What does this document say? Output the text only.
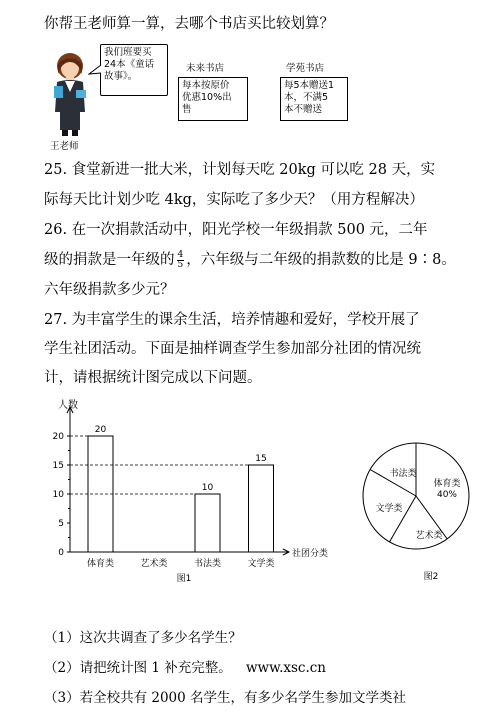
你帮王老师算一算，去哪个书店买比较划算？
王老师
我们班要买
24本《童话
故事》。
未来书店
每本按原价
优惠10%出
售
学苑书店
每5本赠送1
本，不满5
本不赠送
25. 食堂新进一批大米，计划每天吃 20kg 可以吃 28 天，实
际每天比计划少吃 4kg，实际吃了多少天？（用方程解决）
26. 在一次捐款活动中，阳光学校一年级捐款 500 元，二年
级的捐款是一年级的 $\frac{4}{5}$ ，六年级与二年级的捐款数的比是 9∶8。
六年级捐款多少元？
27. 为丰富学生的课余生活，培养情趣和爱好，学校开展了
学生社团活动。下面是抽样调查学生参加部分社团的情况统
计，请根据统计图完成以下问题。
人数
社团分类
0
5
10
15
20
体育类
20
艺术类	书法类
10
文学类
15
图1
体育类
40%
艺术类
文学类
书法类
图2
（1）这次共调查了多少名学生？
（2）请把统计图 1 补充完整。 www.xsc.cn
（3）若全校共有 2000 名学生，有多少名学生参加文学类社
